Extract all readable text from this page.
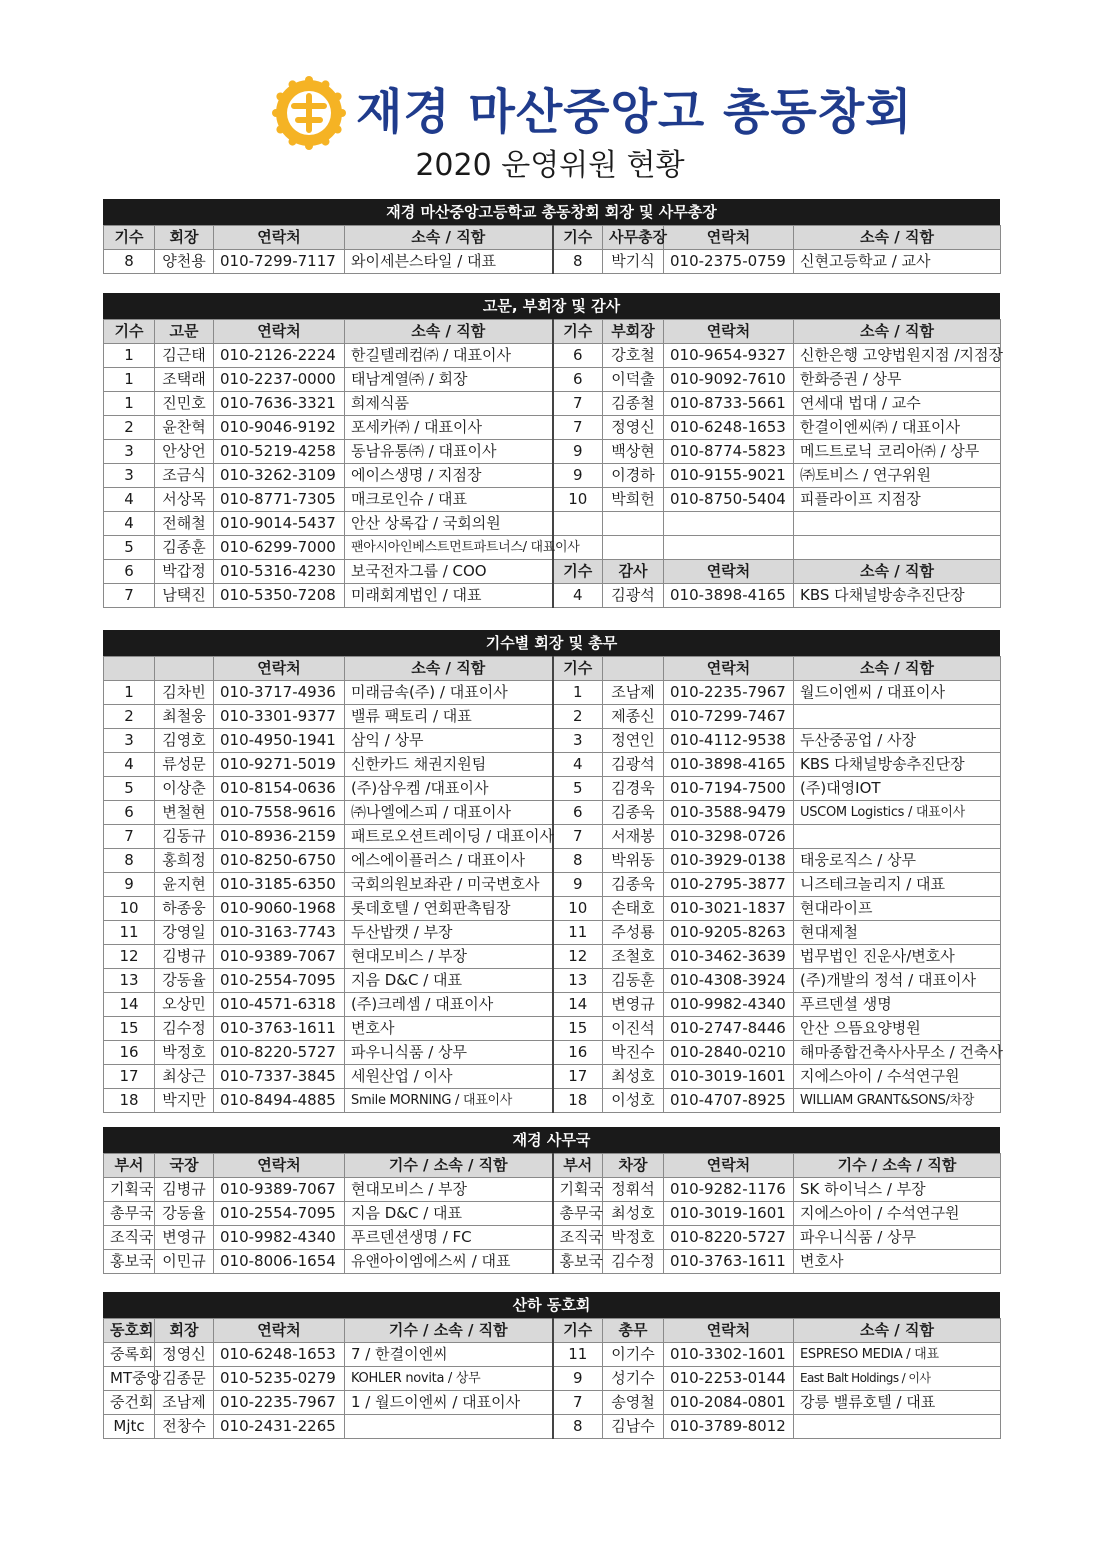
재경 마산중앙고 총동창회
2020 운영위원 현황
재경 마산중앙고등학교 총동창회 회장 및 사무총장
기수	회장	연락처	소속 / 직함	기수	사무총장	연락처	소속 / 직함
8	양천용	010-7299-7117	와이세븐스타일 / 대표	8	박기식	010-2375-0759	신현고등학교 / 교사
고문, 부회장 및 감사
기수	고문	연락처	소속 / 직함	기수	부회장	연락처	소속 / 직함
1	김근태	010-2126-2224	한길텔레컴㈜ / 대표이사	6	강호철	010-9654-9327	신한은행 고양법원지점 /지점장
1	조택래	010-2237-0000	태남계열㈜ / 회장	6	이덕출	010-9092-7610	한화증권 / 상무
1	진민호	010-7636-3321	희제식품	7	김종철	010-8733-5661	연세대 법대 / 교수
2	윤찬혁	010-9046-9192	포세카㈜ / 대표이사	7	정영신	010-6248-1653	한결이엔씨㈜ / 대표이사
3	안상언	010-5219-4258	동남유통㈜ / 대표이사	9	백상현	010-8774-5823	메드트로닉 코리아㈜ / 상무
3	조금식	010-3262-3109	에이스생명 / 지점장	9	이경하	010-9155-9021	㈜토비스 / 연구위원
4	서상목	010-8771-7305	매크로인슈 / 대표	10	박희헌	010-8750-5404	피플라이프 지점장
4	전해철	010-9014-5437	안산 상록갑 / 국회의원				
5	김종훈	010-6299-7000	팬아시아인베스트먼트파트너스/ 대표이사				
6	박갑정	010-5316-4230	보국전자그룹 / COO	기수	감사	연락처	소속 / 직함
7	남택진	010-5350-7208	미래회계법인 / 대표	4	김광석	010-3898-4165	KBS 다채널방송추진단장
기수별 회장 및 총무
		연락처	소속 / 직함	기수		연락처	소속 / 직함
1	김차빈	010-3717-4936	미래금속(주) / 대표이사	1	조남제	010-2235-7967	월드이엔씨 / 대표이사
2	최철웅	010-3301-9377	밸류 팩토리 / 대표	2	제종신	010-7299-7467	
3	김영호	010-4950-1941	삼익 / 상무	3	정연인	010-4112-9538	두산중공업 / 사장
4	류성문	010-9271-5019	신한카드 채권지원팀	4	김광석	010-3898-4165	KBS 다채널방송추진단장
5	이상춘	010-8154-0636	(주)삼우켐 /대표이사	5	김경욱	010-7194-7500	(주)대영IOT
6	변철현	010-7558-9616	㈜나엘에스피 / 대표이사	6	김종욱	010-3588-9479	USCOM Logistics / 대표이사
7	김동규	010-8936-2159	패트로오션트레이딩 / 대표이사	7	서재봉	010-3298-0726	
8	홍희정	010-8250-6750	에스에이플러스 / 대표이사	8	박위동	010-3929-0138	태웅로직스 / 상무
9	윤지현	010-3185-6350	국회의원보좌관 / 미국변호사	9	김종욱	010-2795-3877	니즈테크놀리지 / 대표
10	하종웅	010-9060-1968	롯데호텔 / 연회판촉팀장	10	손태호	010-3021-1837	현대라이프
11	강영일	010-3163-7743	두산밥캣 / 부장	11	주성룡	010-9205-8263	현대제철
12	김병규	010-9389-7067	현대모비스 / 부장	12	조철호	010-3462-3639	법무법인 진운사/변호사
13	강동율	010-2554-7095	지음 D&C / 대표	13	김동훈	010-4308-3924	(주)개발의 정석 / 대표이사
14	오상민	010-4571-6318	(주)크레셈 / 대표이사	14	변영규	010-9982-4340	푸르덴셜 생명
15	김수정	010-3763-1611	변호사	15	이진석	010-2747-8446	안산 으뜸요양병원
16	박정호	010-8220-5727	파우니식품 / 상무	16	박진수	010-2840-0210	해마종합건축사사무소 / 건축사
17	최상근	010-7337-3845	세원산업 / 이사	17	최성호	010-3019-1601	지에스아이 / 수석연구원
18	박지만	010-8494-4885	Smile MORNING / 대표이사	18	이성호	010-4707-8925	WILLIAM GRANT&SONS/차장
재경 사무국
부서	국장	연락처	기수 / 소속 / 직함	부서	차장	연락처	기수 / 소속 / 직함
기획국	김병규	010-9389-7067	현대모비스 / 부장	기획국	정휘석	010-9282-1176	SK 하이닉스 / 부장
총무국	강동율	010-2554-7095	지음 D&C / 대표	총무국	최성호	010-3019-1601	지에스아이 / 수석연구원
조직국	변영규	010-9982-4340	푸르덴션생명 / FC	조직국	박정호	010-8220-5727	파우니식품 / 상무
홍보국	이민규	010-8006-1654	유앤아이엠에스씨 / 대표	홍보국	김수정	010-3763-1611	변호사
산하 동호회
동호회	회장	연락처	기수 / 소속 / 직함	기수	총무	연락처	소속 / 직함
중록회	정영신	010-6248-1653	7 / 한결이엔씨	11	이기수	010-3302-1601	ESPRESO MEDIA / 대표
MT중앙	김종문	010-5235-0279	KOHLER novita / 상무	9	성기수	010-2253-0144	East Balt Holdings / 이사
중건회	조남제	010-2235-7967	1 / 월드이엔씨 / 대표이사	7	송영철	010-2084-0801	강릉 밸류호텔 / 대표
Mjtc	전창수	010-2431-2265		8	김남수	010-3789-8012	
